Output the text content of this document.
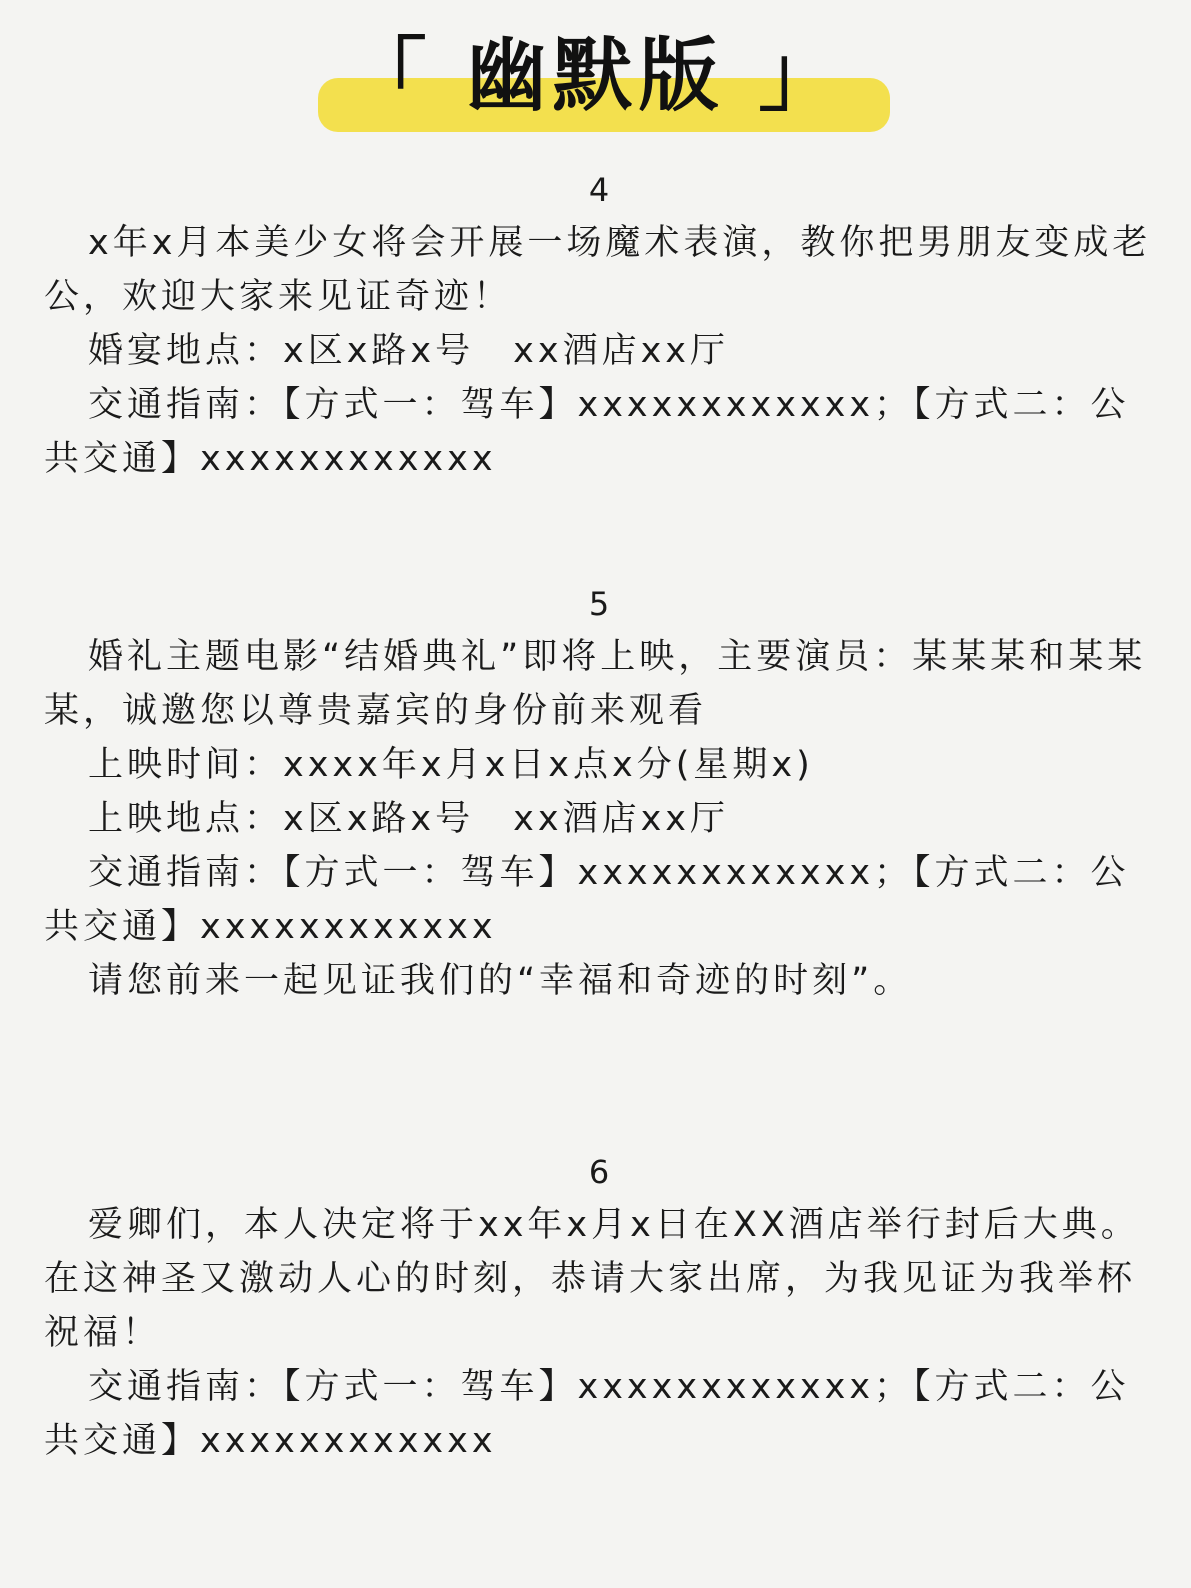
「 幽默版 」
4

x年x月本美少女将会开展一场魔术表演，教你把男朋友变成老公，欢迎大家来见证奇迹！

婚宴地点：x区x路x号　xx酒店xx厅

交通指南：【方式一：驾车】xxxxxxxxxxxx；【方式二：公共交通】xxxxxxxxxxxx

5

婚礼主题电影“结婚典礼”即将上映，主要演员：某某某和某某某，诚邀您以尊贵嘉宾的身份前来观看

上映时间：xxxx年x月x日x点x分(星期x)

上映地点：x区x路x号　xx酒店xx厅

交通指南：【方式一：驾车】xxxxxxxxxxxx；【方式二：公共交通】xxxxxxxxxxxx

请您前来一起见证我们的“幸福和奇迹的时刻”。

6

爱卿们，本人决定将于xx年x月x日在XX酒店举行封后大典。在这神圣又激动人心的时刻，恭请大家出席，为我见证为我举杯祝福！

交通指南：【方式一：驾车】xxxxxxxxxxxx；【方式二：公共交通】xxxxxxxxxxxx
